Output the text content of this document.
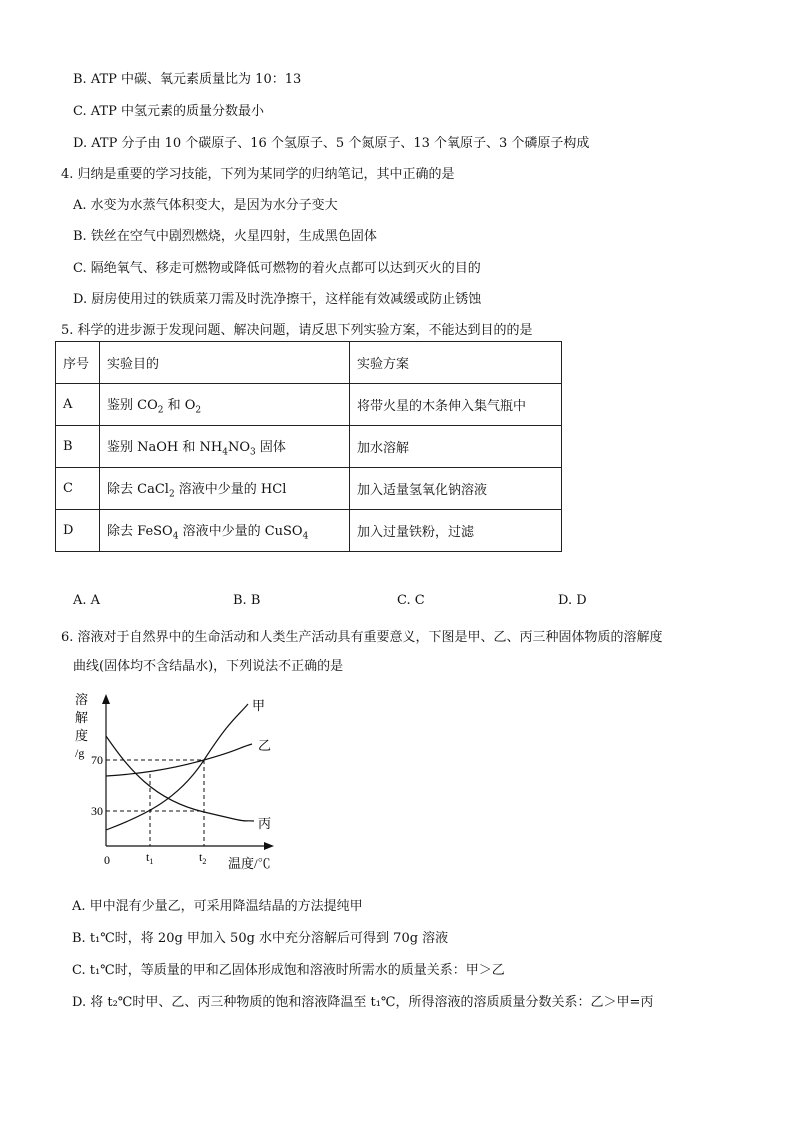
B. ATP 中碳、氧元素质量比为 10：13
C. ATP 中氢元素的质量分数最小
D. ATP 分子由 10 个碳原子、16 个氢原子、5 个氮原子、13 个氧原子、3 个磷原子构成
4. 归纳是重要的学习技能，下列为某同学的归纳笔记，其中正确的是
A. 水变为水蒸气体积变大，是因为水分子变大
B. 铁丝在空气中剧烈燃烧，火星四射，生成黑色固体
C. 隔绝氧气、移走可燃物或降低可燃物的着火点都可以达到灭火的目的
D. 厨房使用过的铁质菜刀需及时洗净擦干，这样能有效减缓或防止锈蚀
5. 科学的进步源于发现问题、解决问题，请反思下列实验方案，不能达到目的的是
序号	实验目的	实验方案
A	鉴别 $CO_2$ 和 $O_2$	将带火星的木条伸入集气瓶中
B	鉴别 NaOH 和 $NH_4NO_3$ 固体	加水溶解
C	除去 CaCl$_2$ 溶液中少量的 HCl	加入适量氢氧化钠溶液
D	除去 FeSO$_4$ 溶液中少量的 CuSO$_4$	加入过量铁粉，过滤
A. A	B. B	C. C	D. D
6. 溶液对于自然界中的生命活动和人类生产活动具有重要意义，下图是甲、乙、丙三种固体物质的溶解度
曲线(固体均不含结晶水)，下列说法不正确的是
溶
解
度
/g 70
30
0	$t_1$	$t_2$ 温度/℃
甲
乙
丙
A. 甲中混有少量乙，可采用降温结晶的方法提纯甲
B. t₁℃时，将 20g 甲加入 50g 水中充分溶解后可得到 70g 溶液
C. t₁℃时，等质量的甲和乙固体形成饱和溶液时所需水的质量关系：甲＞乙
D. 将 t₂℃时甲、乙、丙三种物质的饱和溶液降温至 t₁℃，所得溶液的溶质质量分数关系：乙＞甲=丙
